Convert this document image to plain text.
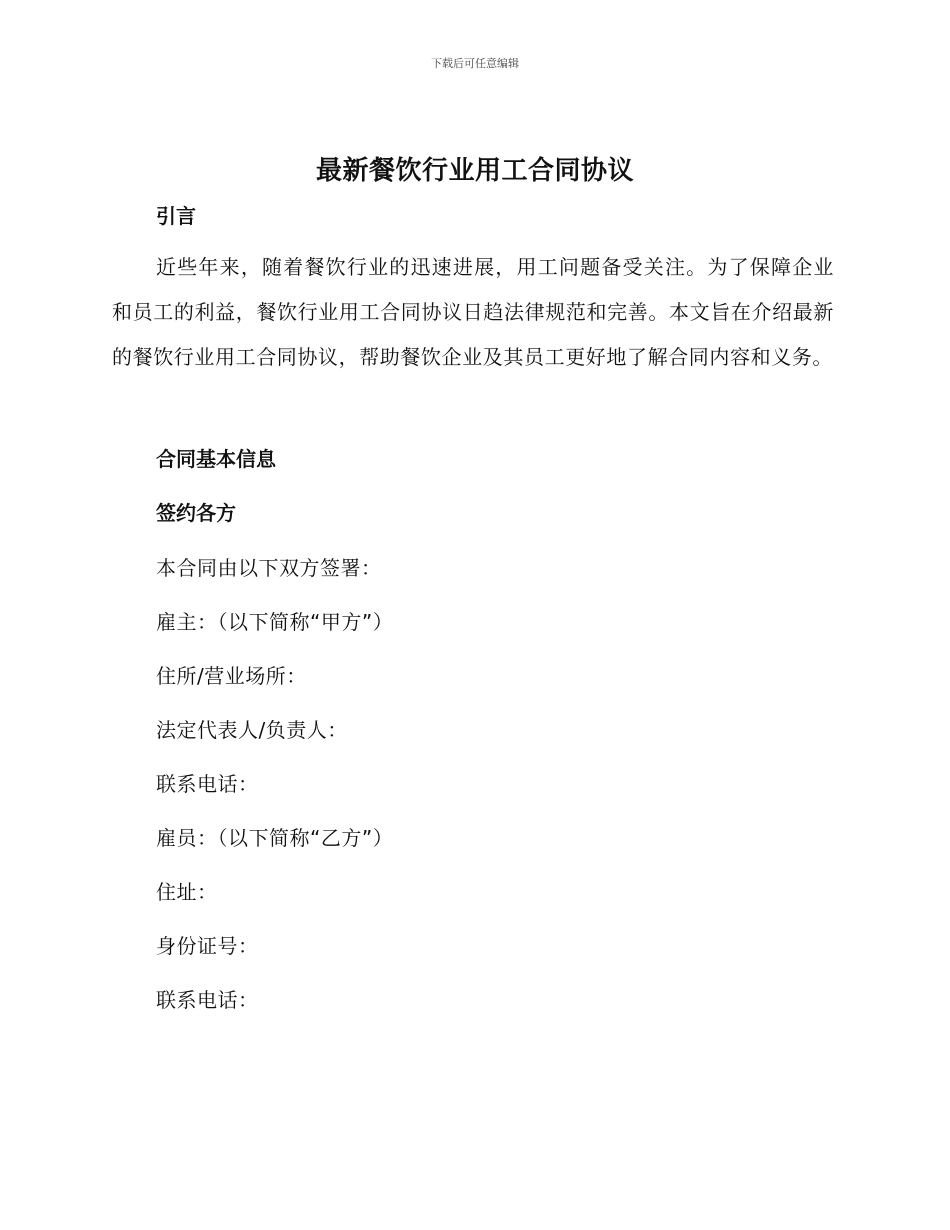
下载后可任意编辑
最新餐饮行业用工合同协议
引言
近些年来，随着餐饮行业的迅速进展，用工问题备受关注。为了保障企业和员工的利益，餐饮行业用工合同协议日趋法律规范和完善。本文旨在介绍最新的餐饮行业用工合同协议，帮助餐饮企业及其员工更好地了解合同内容和义务。
合同基本信息
签约各方
本合同由以下双方签署：
雇主：（以下简称“甲方”）
住所/营业场所：
法定代表人/负责人：
联系电话：
雇员：（以下简称“乙方”）
住址：
身份证号：
联系电话：
